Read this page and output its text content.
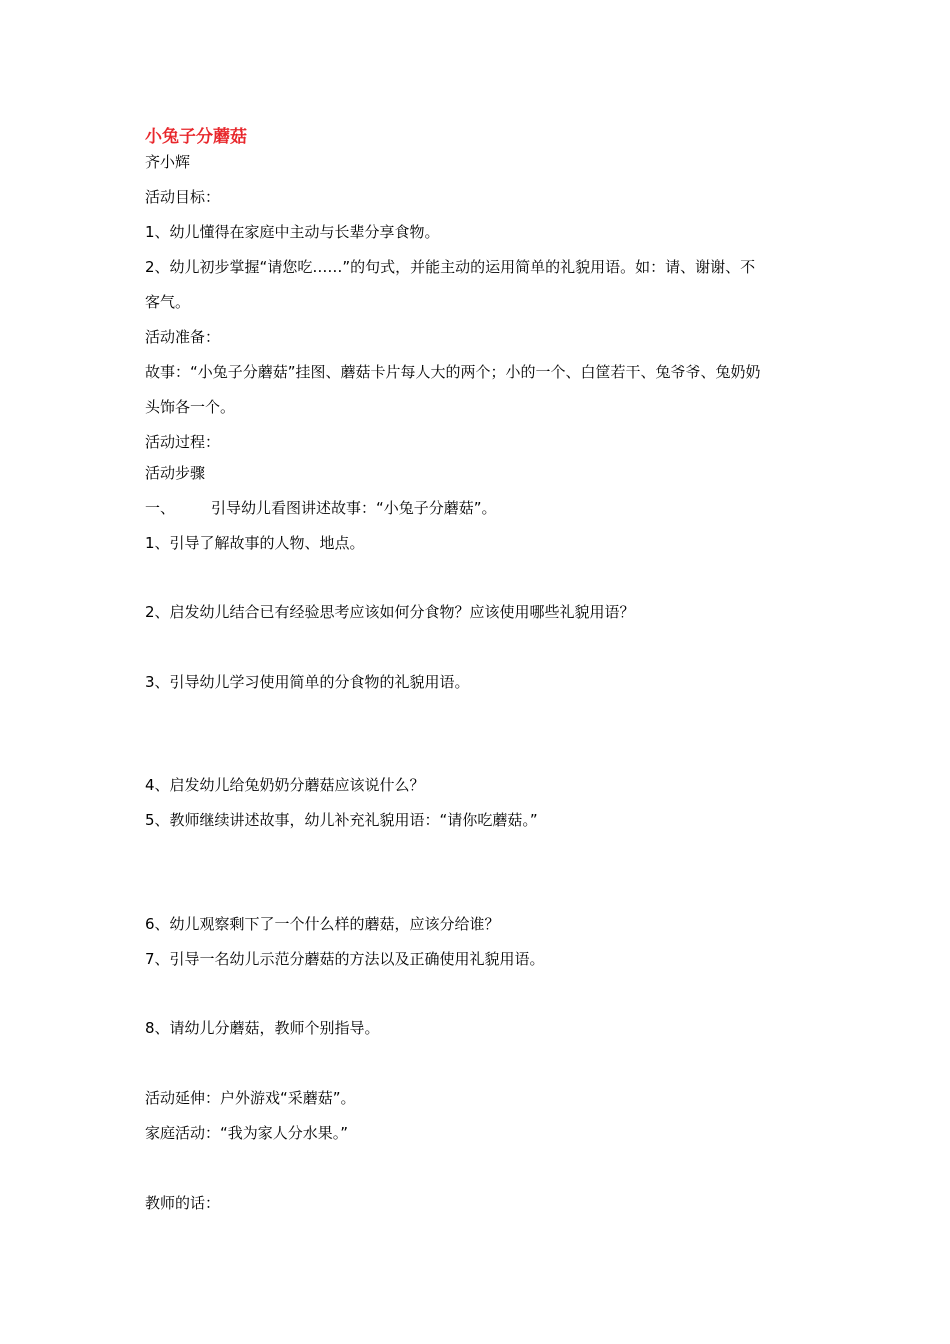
小兔子分蘑菇
齐小辉
活动目标：
1、幼儿懂得在家庭中主动与长辈分享食物。
2、幼儿初步掌握“请您吃……”的句式，并能主动的运用简单的礼貌用语。如：请、谢谢、不
客气。
活动准备：
故事：“小兔子分蘑菇”挂图、蘑菇卡片每人大的两个；小的一个、白筐若干、兔爷爷、兔奶奶
头饰各一个。
活动过程：
活动步骤
一、 引导幼儿看图讲述故事：“小兔子分蘑菇”。
1、引导了解故事的人物、地点。
2、启发幼儿结合已有经验思考应该如何分食物？应该使用哪些礼貌用语？
3、引导幼儿学习使用简单的分食物的礼貌用语。
4、启发幼儿给兔奶奶分蘑菇应该说什么？
5、教师继续讲述故事，幼儿补充礼貌用语：“请你吃蘑菇。”
6、幼儿观察剩下了一个什么样的蘑菇，应该分给谁？
7、引导一名幼儿示范分蘑菇的方法以及正确使用礼貌用语。
8、请幼儿分蘑菇，教师个别指导。
活动延伸：户外游戏“采蘑菇”。
家庭活动：“我为家人分水果。”
教师的话：
